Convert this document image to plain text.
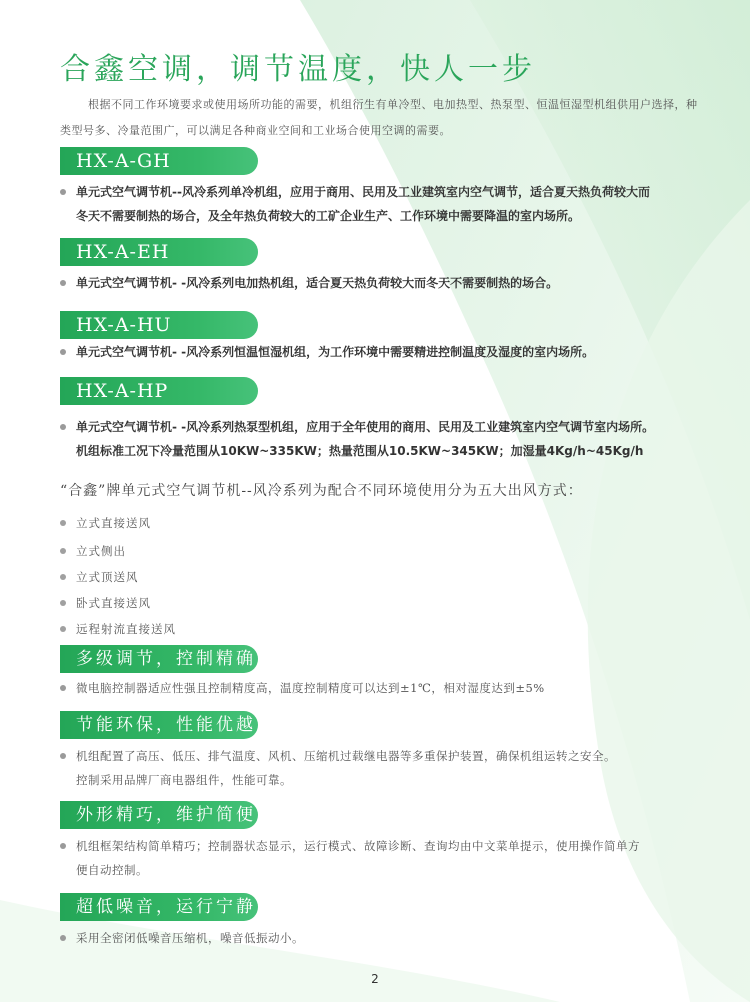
合鑫空调，调节温度，快人一步
根据不同工作环境要求或使用场所功能的需要，机组衍生有单冷型、电加热型、热泵型、恒温恒湿型机组供用户选择，种类型号多、冷量范围广，可以满足各种商业空间和工业场合使用空调的需要。
HX-A-GH

单元式空气调节机--风冷系列单冷机组，应用于商用、民用及工业建筑室内空气调节，适合夏天热负荷较大而

冬天不需要制热的场合，及全年热负荷较大的工矿企业生产、工作环境中需要降温的室内场所。

HX-A-EH

单元式空气调节机- -风冷系列电加热机组，适合夏天热负荷较大而冬天不需要制热的场合。

HX-A-HU

单元式空气调节机- -风冷系列恒温恒湿机组，为工作环境中需要精进控制温度及湿度的室内场所。

HX-A-HP

单元式空气调节机- -风冷系列热泵型机组，应用于全年使用的商用、民用及工业建筑室内空气调节室内场所。

机组标准工况下冷量范围从10KW~335KW；热量范围从10.5KW~345KW；加湿量4Kg/h~45Kg/h

“合鑫”牌单元式空气调节机--风冷系列为配合不同环境使用分为五大出风方式：
立式直接送风
立式侧出
立式顶送风
卧式直接送风
远程射流直接送风
多级调节，控制精确

微电脑控制器适应性强且控制精度高，温度控制精度可以达到±1℃，相对湿度达到±5%

节能环保，性能优越

机组配置了高压、低压、排气温度、风机、压缩机过载继电器等多重保护装置，确保机组运转之安全。

控制采用品牌厂商电器组件，性能可靠。

外形精巧，维护简便

机组框架结构简单精巧；控制器状态显示，运行模式、故障诊断、查询均由中文菜单提示，使用操作简单方

便自动控制。

超低噪音，运行宁静

采用全密闭低噪音压缩机，噪音低振动小。

2
